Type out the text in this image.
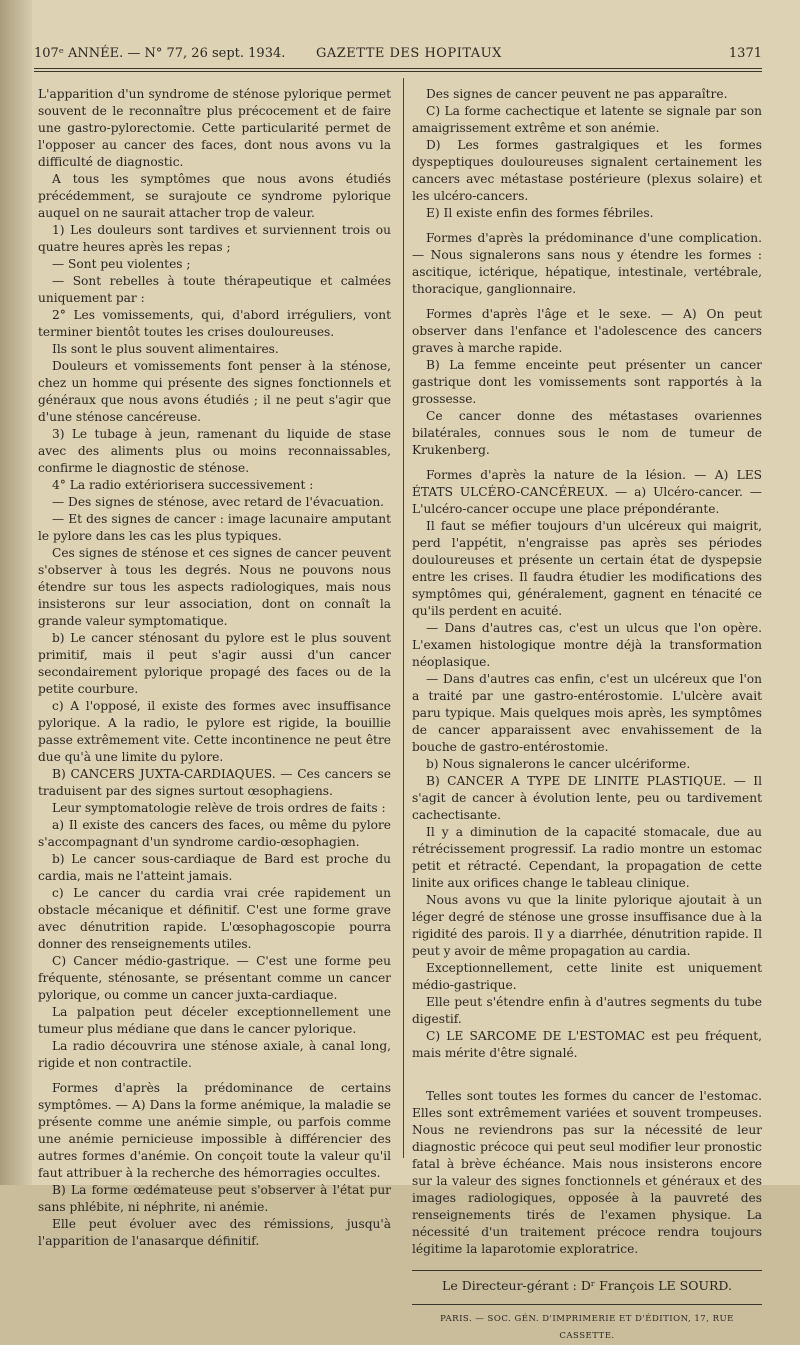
107ᵉ ANNÉE. — N° 77, 26 sept. 1934. GAZETTE DES HOPITAUX	1371

L'apparition d'un syndrome de sténose pylorique permet souvent de le reconnaître plus précocement et de faire une gastro-pylorectomie. Cette particularité permet de l'opposer au cancer des faces, dont nous avons vu la difficulté de diagnostic.

A tous les symptômes que nous avons étudiés précédemment, se surajoute ce syndrome pylorique auquel on ne saurait attacher trop de valeur.

1) Les douleurs sont tardives et surviennent trois ou quatre heures après les repas ;

— Sont peu violentes ;

— Sont rebelles à toute thérapeutique et calmées uniquement par :

2° Les vomissements, qui, d'abord irréguliers, vont terminer bientôt toutes les crises douloureuses.

Ils sont le plus souvent alimentaires.

Douleurs et vomissements font penser à la sténose, chez un homme qui présente des signes fonctionnels et généraux que nous avons étudiés ; il ne peut s'agir que d'une sténose cancéreuse.

3) Le tubage à jeun, ramenant du liquide de stase avec des aliments plus ou moins reconnaissables, confirme le diagnostic de sténose.

4° La radio extériorisera successivement :

— Des signes de sténose, avec retard de l'évacuation.

— Et des signes de cancer : image lacunaire amputant le pylore dans les cas les plus typiques.

Ces signes de sténose et ces signes de cancer peuvent s'observer à tous les degrés. Nous ne pouvons nous étendre sur tous les aspects radiologiques, mais nous insisterons sur leur association, dont on connaît la grande valeur symptomatique.

b) Le cancer sténosant du pylore est le plus souvent primitif, mais il peut s'agir aussi d'un cancer secondairement pylorique propagé des faces ou de la petite courbure.

c) A l'opposé, il existe des formes avec insuffisance pylorique. A la radio, le pylore est rigide, la bouillie passe extrêmement vite. Cette incontinence ne peut être due qu'à une limite du pylore.

B) CANCERS JUXTA-CARDIAQUES. — Ces cancers se traduisent par des signes surtout œsophagiens.

Leur symptomatologie relève de trois ordres de faits :

a) Il existe des cancers des faces, ou même du pylore s'accompagnant d'un syndrome cardio-œsophagien.

b) Le cancer sous-cardiaque de Bard est proche du cardia, mais ne l'atteint jamais.

c) Le cancer du cardia vrai crée rapidement un obstacle mécanique et définitif. C'est une forme grave avec dénutrition rapide. L'œsophagoscopie pourra donner des renseignements utiles.

C) Cancer médio-gastrique. — C'est une forme peu fréquente, sténosante, se présentant comme un cancer pylorique, ou comme un cancer juxta-cardiaque.

La palpation peut déceler exceptionnellement une tumeur plus médiane que dans le cancer pylorique.

La radio découvrira une sténose axiale, à canal long, rigide et non contractile.

Formes d'après la prédominance de certains symptômes. — A) Dans la forme anémique, la maladie se présente comme une anémie simple, ou parfois comme une anémie pernicieuse impossible à différencier des autres formes d'anémie. On conçoit toute la valeur qu'il faut attribuer à la recherche des hémorragies occultes.

B) La forme œdémateuse peut s'observer à l'état pur sans phlébite, ni néphrite, ni anémie.

Elle peut évoluer avec des rémissions, jusqu'à l'apparition de l'anasarque définitif.

Des signes de cancer peuvent ne pas apparaître.

C) La forme cachectique et latente se signale par son amaigrissement extrême et son anémie.

D) Les formes gastralgiques et les formes dyspeptiques douloureuses signalent certainement les cancers avec métastase postérieure (plexus solaire) et les ulcéro-cancers.

E) Il existe enfin des formes fébriles.

Formes d'après la prédominance d'une complication. — Nous signalerons sans nous y étendre les formes : ascitique, ictérique, hépatique, intestinale, vertébrale, thoracique, ganglionnaire.

Formes d'après l'âge et le sexe. — A) On peut observer dans l'enfance et l'adolescence des cancers graves à marche rapide.

B) La femme enceinte peut présenter un cancer gastrique dont les vomissements sont rapportés à la grossesse.

Ce cancer donne des métastases ovariennes bilatérales, connues sous le nom de tumeur de Krukenberg.

Formes d'après la nature de la lésion. — A) LES ÉTATS ULCÉRO-CANCÉREUX. — a) Ulcéro-cancer. — L'ulcéro-cancer occupe une place prépondérante.

Il faut se méfier toujours d'un ulcéreux qui maigrit, perd l'appétit, n'engraisse pas après ses périodes douloureuses et présente un certain état de dyspepsie entre les crises. Il faudra étudier les modifications des symptômes qui, généralement, gagnent en ténacité ce qu'ils perdent en acuité.

— Dans d'autres cas, c'est un ulcus que l'on opère. L'examen histologique montre déjà la transformation néoplasique.

— Dans d'autres cas enfin, c'est un ulcéreux que l'on a traité par une gastro-entérostomie. L'ulcère avait paru typique. Mais quelques mois après, les symptômes de cancer apparaissent avec envahissement de la bouche de gastro-entérostomie.

b) Nous signalerons le cancer ulcériforme.

B) CANCER A TYPE DE LINITE PLASTIQUE. — Il s'agit de cancer à évolution lente, peu ou tardivement cachectisante.

Il y a diminution de la capacité stomacale, due au rétrécissement progressif. La radio montre un estomac petit et rétracté. Cependant, la propagation de cette linite aux orifices change le tableau clinique.

Nous avons vu que la linite pylorique ajoutait à un léger degré de sténose une grosse insuffisance due à la rigidité des parois. Il y a diarrhée, dénutrition rapide. Il peut y avoir de même propagation au cardia.

Exceptionnellement, cette linite est uniquement médio-gastrique.

Elle peut s'étendre enfin à d'autres segments du tube digestif.

C) LE SARCOME DE L'ESTOMAC est peu fréquent, mais mérite d'être signalé.

Telles sont toutes les formes du cancer de l'estomac. Elles sont extrêmement variées et souvent trompeuses. Nous ne reviendrons pas sur la nécessité de leur diagnostic précoce qui peut seul modifier leur pronostic fatal à brève échéance. Mais nous insisterons encore sur la valeur des signes fonctionnels et généraux et des images radiologiques, opposée à la pauvreté des renseignements tirés de l'examen physique. La nécessité d'un traitement précoce rendra toujours légitime la laparotomie exploratrice.

Le Directeur-gérant : Dʳ François LE SOURD.
PARIS. — SOC. GÉN. D'IMPRIMERIE ET D'ÉDITION, 17, RUE CASSETTE.
